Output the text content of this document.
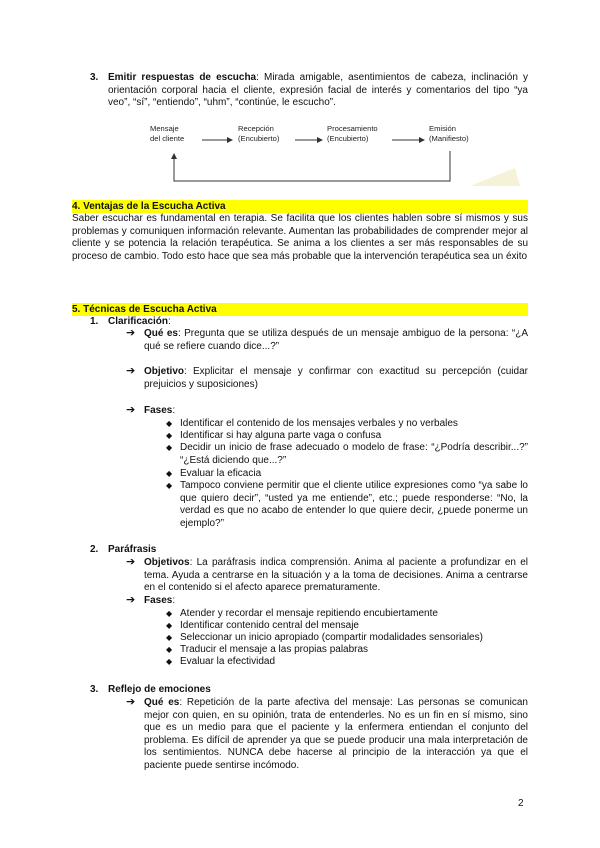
3. Emitir respuestas de escucha: Mirada amigable, asentimientos de cabeza, inclinación y orientación corporal hacia el cliente, expresión facial de interés y comentarios del tipo “ya veo”, “sí”, “entiendo”, “uhm”, “continúe, le escucho”.
Mensaje
del cliente
Recepción
(Encubierto)
Procesamiento
(Encubierto)
Emisión
(Manifiesto)
4. Ventajas de la Escucha Activa
Saber escuchar es fundamental en terapia. Se facilita que los clientes hablen sobre sí mismos y sus problemas y comuniquen información relevante. Aumentan las probabilidades de comprender mejor al cliente y se potencia la relación terapéutica. Se anima a los clientes a ser más responsables de su proceso de cambio. Todo esto hace que sea más probable que la intervención terapéutica sea un éxito
5. Técnicas de Escucha Activa
1. Clarificación:
➔ Qué es: Pregunta que se utiliza después de un mensaje ambiguo de la persona: “¿A qué se refiere cuando dice...?”
➔ Objetivo: Explicitar el mensaje y confirmar con exactitud su percepción (cuidar prejuicios y suposiciones)
➔ Fases:
◆ Identificar el contenido de los mensajes verbales y no verbales
◆ Identificar si hay alguna parte vaga o confusa
◆ Decidir un inicio de frase adecuado o modelo de frase: “¿Podría describir...?” “¿Está diciendo que...?”
◆ Evaluar la eficacia
◆ Tampoco conviene permitir que el cliente utilice expresiones como “ya sabe lo que quiero decir”, “usted ya me entiende”, etc.; puede responderse: “No, la verdad es que no acabo de entender lo que quiere decir, ¿puede ponerme un ejemplo?”
2. Paráfrasis
➔ Objetivos: La paráfrasis indica comprensión. Anima al paciente a profundizar en el tema. Ayuda a centrarse en la situación y a la toma de decisiones. Anima a centrarse en el contenido si el afecto aparece prematuramente.
➔ Fases:
◆ Atender y recordar el mensaje repitiendo encubiertamente
◆ Identificar contenido central del mensaje
◆ Seleccionar un inicio apropiado (compartir modalidades sensoriales)
◆ Traducir el mensaje a las propias palabras
◆ Evaluar la efectividad
3. Reflejo de emociones
➔ Qué es: Repetición de la parte afectiva del mensaje: Las personas se comunican mejor con quien, en su opinión, trata de entenderles. No es un fin en sí mismo, sino que es un medio para que el paciente y la enfermera entiendan el conjunto del problema. Es difícil de aprender ya que se puede producir una mala interpretación de los sentimientos. NUNCA debe hacerse al principio de la interacción ya que el paciente puede sentirse incómodo.
2
